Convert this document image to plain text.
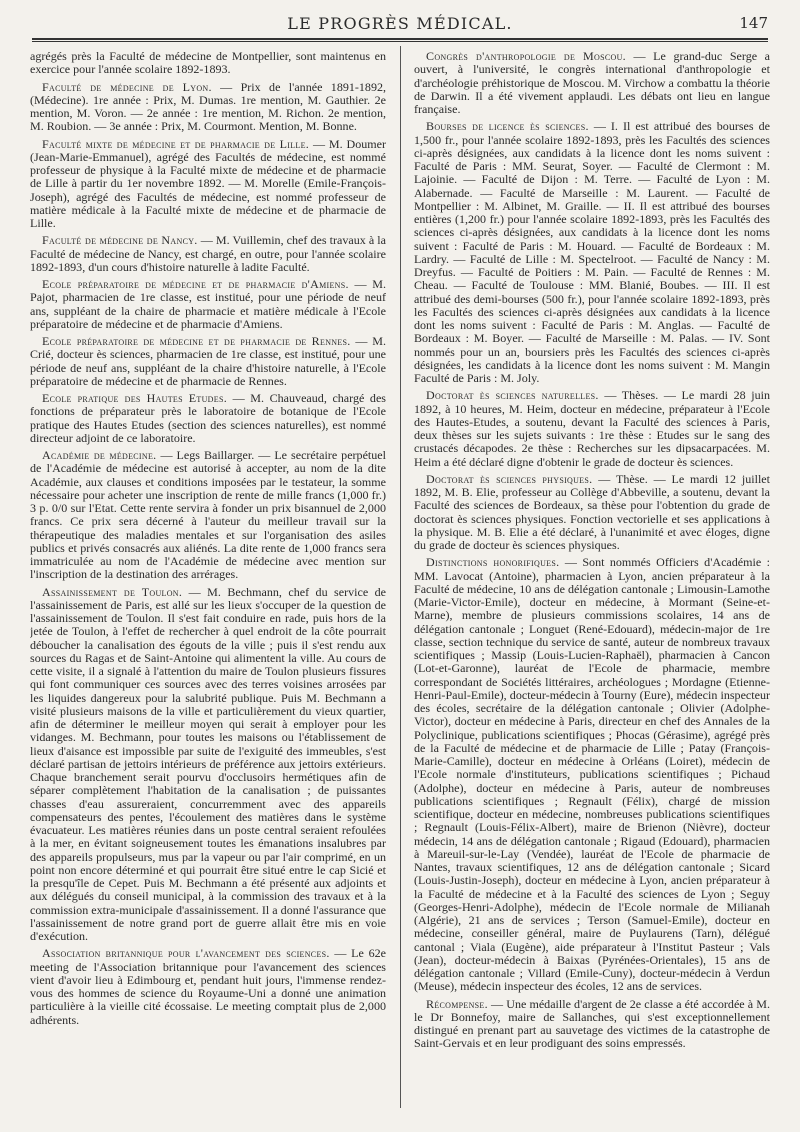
LE PROGRÈS MÉDICAL.	147

agrégés près la Faculté de médecine de Montpellier, sont maintenus en exercice pour l'année scolaire 1892-1893.

Faculté de médecine de Lyon. — Prix de l'année 1891-1892, (Médecine). 1re année : Prix, M. Dumas. 1re mention, M. Gauthier. 2e mention, M. Voron. — 2e année : 1re mention, M. Richon. 2e mention, M. Roubion. — 3e année : Prix, M. Courmont. Mention, M. Bonne.

Faculté mixte de médecine et de pharmacie de Lille. — M. Doumer (Jean-Marie-Emmanuel), agrégé des Facultés de médecine, est nommé professeur de physique à la Faculté mixte de médecine et de pharmacie de Lille à partir du 1er novembre 1892. — M. Morelle (Emile-François-Joseph), agrégé des Facultés de médecine, est nommé professeur de matière médicale à la Faculté mixte de médecine et de pharmacie de Lille.

Faculté de médecine de Nancy. — M. Vuillemin, chef des travaux à la Faculté de médecine de Nancy, est chargé, en outre, pour l'année scolaire 1892-1893, d'un cours d'histoire naturelle à ladite Faculté.

Ecole préparatoire de médecine et de pharmacie d'Amiens. — M. Pajot, pharmacien de 1re classe, est institué, pour une période de neuf ans, suppléant de la chaire de pharmacie et matière médicale à l'Ecole préparatoire de médecine et de pharmacie d'Amiens.

Ecole préparatoire de médecine et de pharmacie de Rennes. — M. Crié, docteur ès sciences, pharmacien de 1re classe, est institué, pour une période de neuf ans, suppléant de la chaire d'histoire naturelle, à l'Ecole préparatoire de médecine et de pharmacie de Rennes.

Ecole pratique des Hautes Etudes. — M. Chauveaud, chargé des fonctions de préparateur près le laboratoire de botanique de l'Ecole pratique des Hautes Etudes (section des sciences naturelles), est nommé directeur adjoint de ce laboratoire.

Académie de médecine. — Legs Baillarger. — Le secrétaire perpétuel de l'Académie de médecine est autorisé à accepter, au nom de la dite Académie, aux clauses et conditions imposées par le testateur, la somme nécessaire pour acheter une inscription de rente de mille francs (1,000 fr.) 3 p. 0/0 sur l'Etat. Cette rente servira à fonder un prix bisannuel de 2,000 francs. Ce prix sera décerné à l'auteur du meilleur travail sur la thérapeutique des maladies mentales et sur l'organisation des asiles publics et privés consacrés aux aliénés. La dite rente de 1,000 francs sera immatriculée au nom de l'Académie de médecine avec mention sur l'inscription de la destination des arrérages.

Assainissement de Toulon. — M. Bechmann, chef du service de l'assainissement de Paris, est allé sur les lieux s'occuper de la question de l'assainissement de Toulon. Il s'est fait conduire en rade, puis hors de la jetée de Toulon, à l'effet de rechercher à quel endroit de la côte pourrait déboucher la canalisation des égouts de la ville ; puis il s'est rendu aux sources du Ragas et de Saint-Antoine qui alimentent la ville. Au cours de cette visite, il a signalé à l'attention du maire de Toulon plusieurs fissures qui font communiquer ces sources avec des terres voisines arrosées par les liquides dangereux pour la salubrité publique. Puis M. Bechmann a visité plusieurs maisons de la ville et particulièrement du vieux quartier, afin de déterminer le meilleur moyen qui serait à employer pour les vidanges. M. Bechmann, pour toutes les maisons ou l'établissement de lieux d'aisance est impossible par suite de l'exiguité des immeubles, s'est déclaré partisan de jettoirs intérieurs de préférence aux jettoirs extérieurs. Chaque branchement serait pourvu d'occlusoirs hermétiques afin de séparer complètement l'habitation de la canalisation ; de puissantes chasses d'eau assureraient, concurremment avec des appareils compensateurs des pentes, l'écoulement des matières dans le système évacuateur. Les matières réunies dans un poste central seraient refoulées à la mer, en évitant soigneusement toutes les émanations insalubres par des appareils propulseurs, mus par la vapeur ou par l'air comprimé, en un point non encore déterminé et qui pourrait être situé entre le cap Sicié et la presqu'île de Cepet. Puis M. Bechmann a été présenté aux adjoints et aux délégués du conseil municipal, à la commission des travaux et à la commission extra-municipale d'assainissement. Il a donné l'assurance que l'assainissement de notre grand port de guerre allait être mis en voie d'exécution.

Association britannique pour l'avancement des sciences. — Le 62e meeting de l'Association britannique pour l'avancement des sciences vient d'avoir lieu à Edimbourg et, pendant huit jours, l'immense rendez-vous des hommes de science du Royaume-Uni a donné une animation particulière à la vieille cité écossaise. Le meeting comptait plus de 2,000 adhérents.

Congrès d'anthropologie de Moscou. — Le grand-duc Serge a ouvert, à l'université, le congrès international d'anthropologie et d'archéologie préhistorique de Moscou. M. Virchow a combattu la théorie de Darwin. Il a été vivement applaudi. Les débats ont lieu en langue française.

Bourses de licence ès sciences. — I. Il est attribué des bourses de 1,500 fr., pour l'année scolaire 1892-1893, près les Facultés des sciences ci-après désignées, aux candidats à la licence dont les noms suivent : Faculté de Paris : MM. Seurat, Soyer. — Faculté de Clermont : M. Lajoinie. — Faculté de Dijon : M. Terre. — Faculté de Lyon : M. Alabernade. — Faculté de Marseille : M. Laurent. — Faculté de Montpellier : M. Albinet, M. Graille. — II. Il est attribué des bourses entières (1,200 fr.) pour l'année scolaire 1892-1893, près les Facultés des sciences ci-après désignées, aux candidats à la licence dont les noms suivent : Faculté de Paris : M. Houard. — Faculté de Bordeaux : M. Lardry. — Faculté de Lille : M. Spectelroot. — Faculté de Nancy : M. Dreyfus. — Faculté de Poitiers : M. Pain. — Faculté de Rennes : M. Cheau. — Faculté de Toulouse : MM. Blanié, Boubes. — III. Il est attribué des demi-bourses (500 fr.), pour l'année scolaire 1892-1893, près les Facultés des sciences ci-après désignées aux candidats à la licence dont les noms suivent : Faculté de Paris : M. Anglas. — Faculté de Bordeaux : M. Boyer. — Faculté de Marseille : M. Palas. — IV. Sont nommés pour un an, boursiers près les Facultés des sciences ci-après désignées, les candidats à la licence dont les noms suivent : M. Mangin Faculté de Paris : M. Joly.

Doctorat ès sciences naturelles. — Thèses. — Le mardi 28 juin 1892, à 10 heures, M. Heim, docteur en médecine, préparateur à l'Ecole des Hautes-Etudes, a soutenu, devant la Faculté des sciences à Paris, deux thèses sur les sujets suivants : 1re thèse : Etudes sur le sang des crustacés décapodes. 2e thèse : Recherches sur les dipsacarpacées. M. Heim a été déclaré digne d'obtenir le grade de docteur ès sciences.

Doctorat ès sciences physiques. — Thèse. — Le mardi 12 juillet 1892, M. B. Elie, professeur au Collège d'Abbeville, a soutenu, devant la Faculté des sciences de Bordeaux, sa thèse pour l'obtention du grade de doctorat ès sciences physiques. Fonction vectorielle et ses applications à la physique. M. B. Elie a été déclaré, à l'unanimité et avec éloges, digne du grade de docteur ès sciences physiques.

Distinctions honorifiques. — Sont nommés Officiers d'Académie : MM. Lavocat (Antoine), pharmacien à Lyon, ancien préparateur à la Faculté de médecine, 10 ans de délégation cantonale ; Limousin-Lamothe (Marie-Victor-Emile), docteur en médecine, à Mormant (Seine-et-Marne), membre de plusieurs commissions scolaires, 14 ans de délégation cantonale ; Longuet (René-Edouard), médecin-major de 1re classe, section technique du service de santé, auteur de nombreux travaux scientifiques ; Massip (Louis-Lucien-Raphaël), pharmacien à Cancon (Lot-et-Garonne), lauréat de l'Ecole de pharmacie, membre correspondant de Sociétés littéraires, archéologues ; Mordagne (Etienne-Henri-Paul-Emile), docteur-médecin à Tourny (Eure), médecin inspecteur des écoles, secrétaire de la délégation cantonale ; Olivier (Adolphe-Victor), docteur en médecine à Paris, directeur en chef des Annales de la Polyclinique, publications scientifiques ; Phocas (Gérasime), agrégé près de la Faculté de médecine et de pharmacie de Lille ; Patay (François-Marie-Camille), docteur en médecine à Orléans (Loiret), médecin de l'Ecole normale d'instituteurs, publications scientifiques ; Pichaud (Adolphe), docteur en médecine à Paris, auteur de nombreuses publications scientifiques ; Regnault (Félix), chargé de mission scientifique, docteur en médecine, nombreuses publications scientifiques ; Regnault (Louis-Félix-Albert), maire de Brienon (Nièvre), docteur médecin, 14 ans de délégation cantonale ; Rigaud (Edouard), pharmacien à Mareuil-sur-le-Lay (Vendée), lauréat de l'Ecole de pharmacie de Nantes, travaux scientifiques, 12 ans de délégation cantonale ; Sicard (Louis-Justin-Joseph), docteur en médecine à Lyon, ancien préparateur à la Faculté de médecine et à la Faculté des sciences de Lyon ; Seguy (Georges-Henri-Adolphe), médecin de l'Ecole normale de Milianah (Algérie), 21 ans de services ; Terson (Samuel-Emile), docteur en médecine, conseiller général, maire de Puylaurens (Tarn), délégué cantonal ; Viala (Eugène), aide préparateur à l'Institut Pasteur ; Vals (Jean), docteur-médecin à Baixas (Pyrénées-Orientales), 15 ans de délégation cantonale ; Villard (Emile-Cuny), docteur-médecin à Verdun (Meuse), médecin inspecteur des écoles, 12 ans de services.

Récompense. — Une médaille d'argent de 2e classe a été accordée à M. le Dr Bonnefoy, maire de Sallanches, qui s'est exceptionnellement distingué en prenant part au sauvetage des victimes de la catastrophe de Saint-Gervais et en leur prodiguant des soins empressés.
